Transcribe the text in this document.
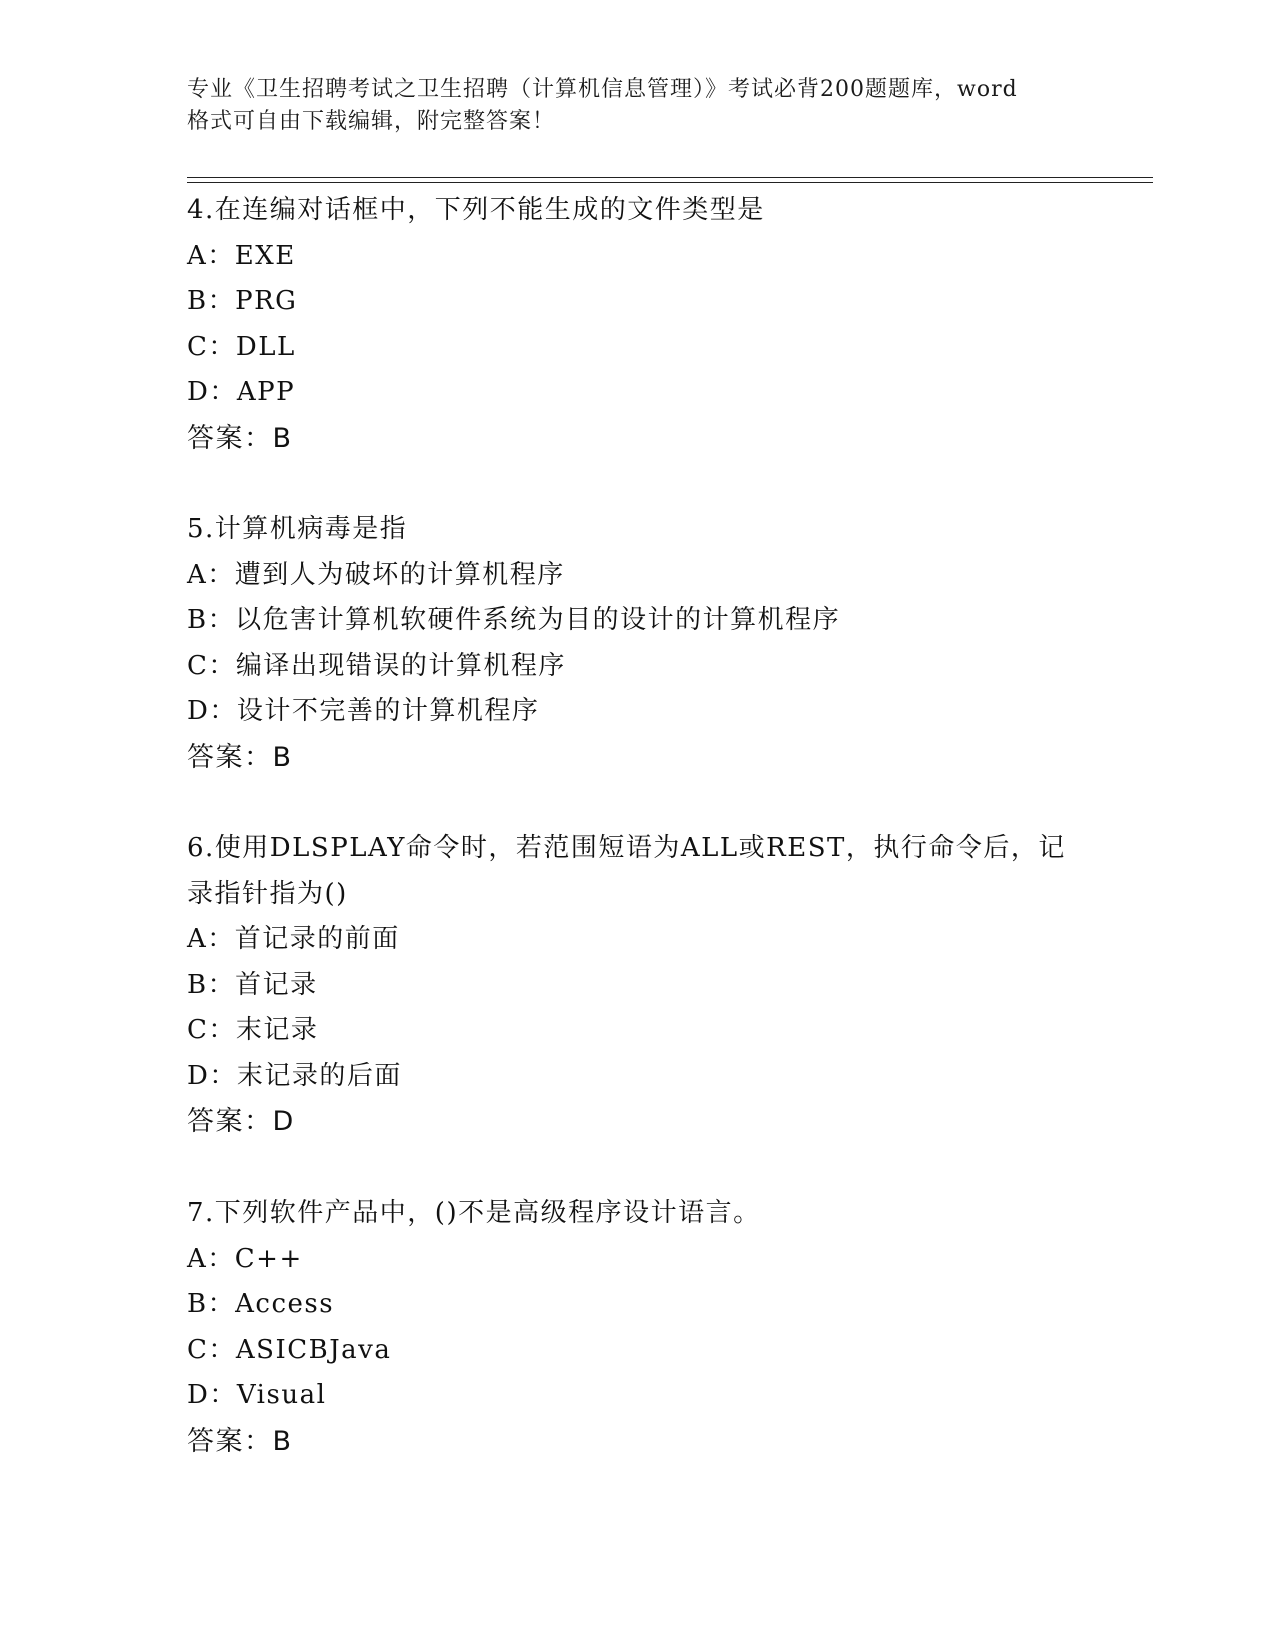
专业《卫生招聘考试之卫生招聘（计算机信息管理）》考试必背200题题库，word
格式可自由下载编辑，附完整答案！
4.在连编对话框中，下列不能生成的文件类型是
A：EXE
B：PRG
C：DLL
D：APP
答案：B
5.计算机病毒是指
A：遭到人为破坏的计算机程序
B：以危害计算机软硬件系统为目的设计的计算机程序
C：编译出现错误的计算机程序
D：设计不完善的计算机程序
答案：B
6.使用DLSPLAY命令时，若范围短语为ALL或REST，执行命令后，记
录指针指为()
A：首记录的前面
B：首记录
C：末记录
D：末记录的后面
答案：D
7.下列软件产品中，()不是高级程序设计语言。
A：C++
B：Access
C：ASICBJava
D：Visual
答案：B
